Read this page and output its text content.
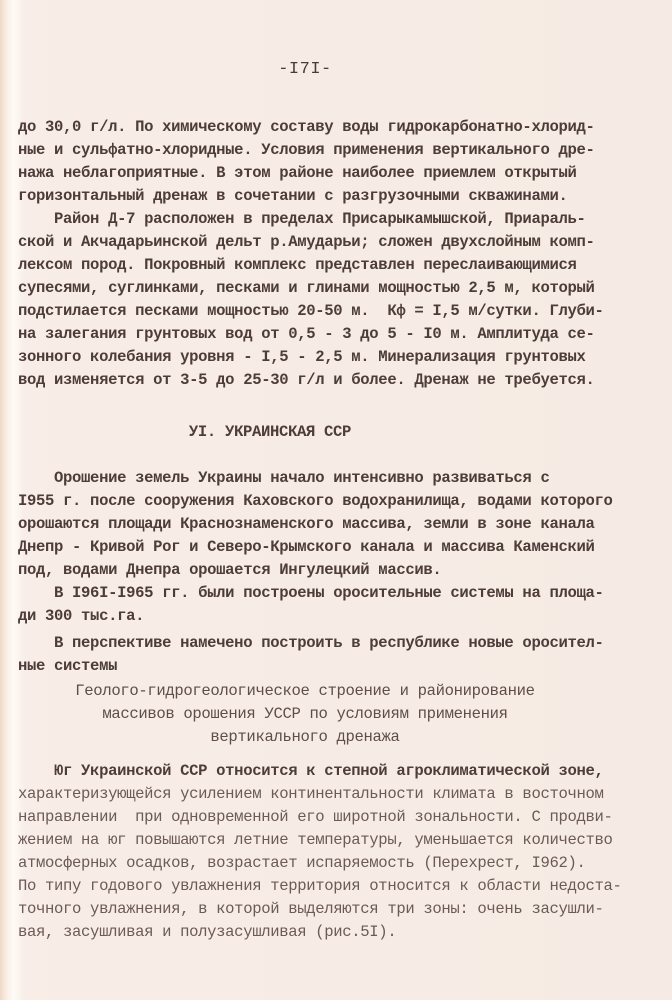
-I7I-
до 30,0 г/л. По химическому составу воды гидрокарбонатно-хлорид-
ные и сульфатно-хлоридные. Условия применения вертикального дре-
нажа неблагоприятные. В этом районе наиболее приемлем открытый
горизонтальный дренаж в сочетании с разгрузочными скважинами.
Район Д-7 расположен в пределах Присарыкамышской, Приараль-
ской и Акчадарьинской дельт р.Амударьи; сложен двухслойным комп-
лексом пород. Покровный комплекс представлен переслаивающимися
супесями, суглинками, песками и глинами мощностью 2,5 м, который
подстилается песками мощностью 20-50 м.  Кф = I,5 м/сутки. Глуби-
на залегания грунтовых вод от 0,5 - 3 до 5 - I0 м. Амплитуда се-
зонного колебания уровня - I,5 - 2,5 м. Минерализация грунтовых
вод изменяется от 3-5 до 25-30 г/л и более. Дренаж не требуется.
УI. УКРАИНСКАЯ ССР
Орошение земель Украины начало интенсивно развиваться с
I955 г. после сооружения Каховского водохранилища, водами которого
орошаются площади Краснознаменского массива, земли в зоне канала
Днепр - Кривой Рог и Северо-Крымского канала и массива Каменский
под, водами Днепра орошается Ингулецкий массив.
В I96I-I965 гг. были построены оросительные системы на площа-
ди 300 тыс.га.
В перспективе намечено построить в республике новые оросител-
ные системы
Геолого-гидрогеологическое строение и районирование
массивов орошения УССР по условиям применения
вертикального дренажа
Юг Украинской ССР относится к степной агроклиматической зоне,
характеризующейся усилением континентальности климата в восточном
направлении  при одновременной его широтной зональности. С продви-
жением на юг повышаются летние температуры, уменьшается количество
атмосферных осадков, возрастает испаряемость (Перехрест, I962).
По типу годового увлажнения территория относится к области недоста-
точного увлажнения, в которой выделяются три зоны: очень засушли-
вая, засушливая и полузасушливая (рис.5I).
